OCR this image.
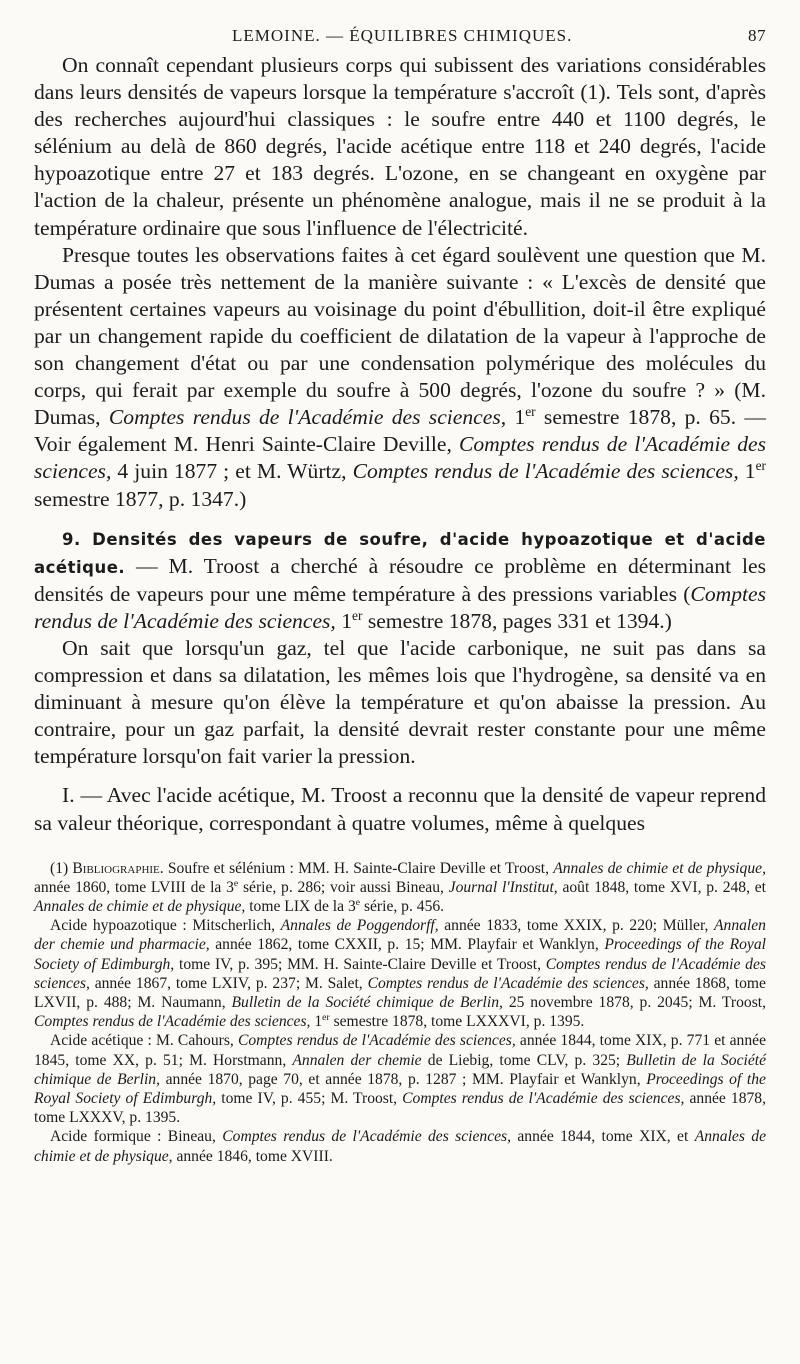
LEMOINE. — ÉQUILIBRES CHIMIQUES.	87

On connaît cependant plusieurs corps qui subissent des variations considérables dans leurs densités de vapeurs lorsque la température s'accroît (1). Tels sont, d'après des recherches aujourd'hui classiques : le soufre entre 440 et 1100 degrés, le sélénium au delà de 860 degrés, l'acide acétique entre 118 et 240 degrés, l'acide hypoazotique entre 27 et 183 degrés. L'ozone, en se changeant en oxygène par l'action de la chaleur, présente un phénomène analogue, mais il ne se produit à la température ordinaire que sous l'influence de l'électricité.

Presque toutes les observations faites à cet égard soulèvent une question que M. Dumas a posée très nettement de la manière suivante : « L'excès de densité que présentent certaines vapeurs au voisinage du point d'ébullition, doit-il être expliqué par un changement rapide du coefficient de dilatation de la vapeur à l'approche de son changement d'état ou par une condensation polymérique des molécules du corps, qui ferait par exemple du soufre à 500 degrés, l'ozone du soufre ? » (M. Dumas, Comptes rendus de l'Académie des sciences, 1er semestre 1878, p. 65. — Voir également M. Henri Sainte-Claire Deville, Comptes rendus de l'Académie des sciences, 4 juin 1877 ; et M. Würtz, Comptes rendus de l'Académie des sciences, 1er semestre 1877, p. 1347.)

9. Densités des vapeurs de soufre, d'acide hypoazotique et d'acide acétique. — M. Troost a cherché à résoudre ce problème en déterminant les densités de vapeurs pour une même température à des pressions variables (Comptes rendus de l'Académie des sciences, 1er semestre 1878, pages 331 et 1394.)

On sait que lorsqu'un gaz, tel que l'acide carbonique, ne suit pas dans sa compression et dans sa dilatation, les mêmes lois que l'hydrogène, sa densité va en diminuant à mesure qu'on élève la température et qu'on abaisse la pression. Au contraire, pour un gaz parfait, la densité devrait rester constante pour une même température lorsqu'on fait varier la pression.

I. — Avec l'acide acétique, M. Troost a reconnu que la densité de vapeur reprend sa valeur théorique, correspondant à quatre volumes, même à quelques

(1) Bibliographie. Soufre et sélénium : MM. H. Sainte-Claire Deville et Troost, Annales de chimie et de physique, année 1860, tome LVIII de la 3e série, p. 286; voir aussi Bineau, Journal l'Institut, août 1848, tome XVI, p. 248, et Annales de chimie et de physique, tome LIX de la 3e série, p. 456.

Acide hypoazotique : Mitscherlich, Annales de Poggendorff, année 1833, tome XXIX, p. 220; Müller, Annalen der chemie und pharmacie, année 1862, tome CXXII, p. 15; MM. Playfair et Wanklyn, Proceedings of the Royal Society of Edimburgh, tome IV, p. 395; MM. H. Sainte-Claire Deville et Troost, Comptes rendus de l'Académie des sciences, année 1867, tome LXIV, p. 237; M. Salet, Comptes rendus de l'Académie des sciences, année 1868, tome LXVII, p. 488; M. Naumann, Bulletin de la Société chimique de Berlin, 25 novembre 1878, p. 2045; M. Troost, Comptes rendus de l'Académie des sciences, 1er semestre 1878, tome LXXXVI, p. 1395.

Acide acétique : M. Cahours, Comptes rendus de l'Académie des sciences, année 1844, tome XIX, p. 771 et année 1845, tome XX, p. 51; M. Horstmann, Annalen der chemie de Liebig, tome CLV, p. 325; Bulletin de la Société chimique de Berlin, année 1870, page 70, et année 1878, p. 1287 ; MM. Playfair et Wanklyn, Proceedings of the Royal Society of Edimburgh, tome IV, p. 455; M. Troost, Comptes rendus de l'Académie des sciences, année 1878, tome LXXXV, p. 1395.

Acide formique : Bineau, Comptes rendus de l'Académie des sciences, année 1844, tome XIX, et Annales de chimie et de physique, année 1846, tome XVIII.
